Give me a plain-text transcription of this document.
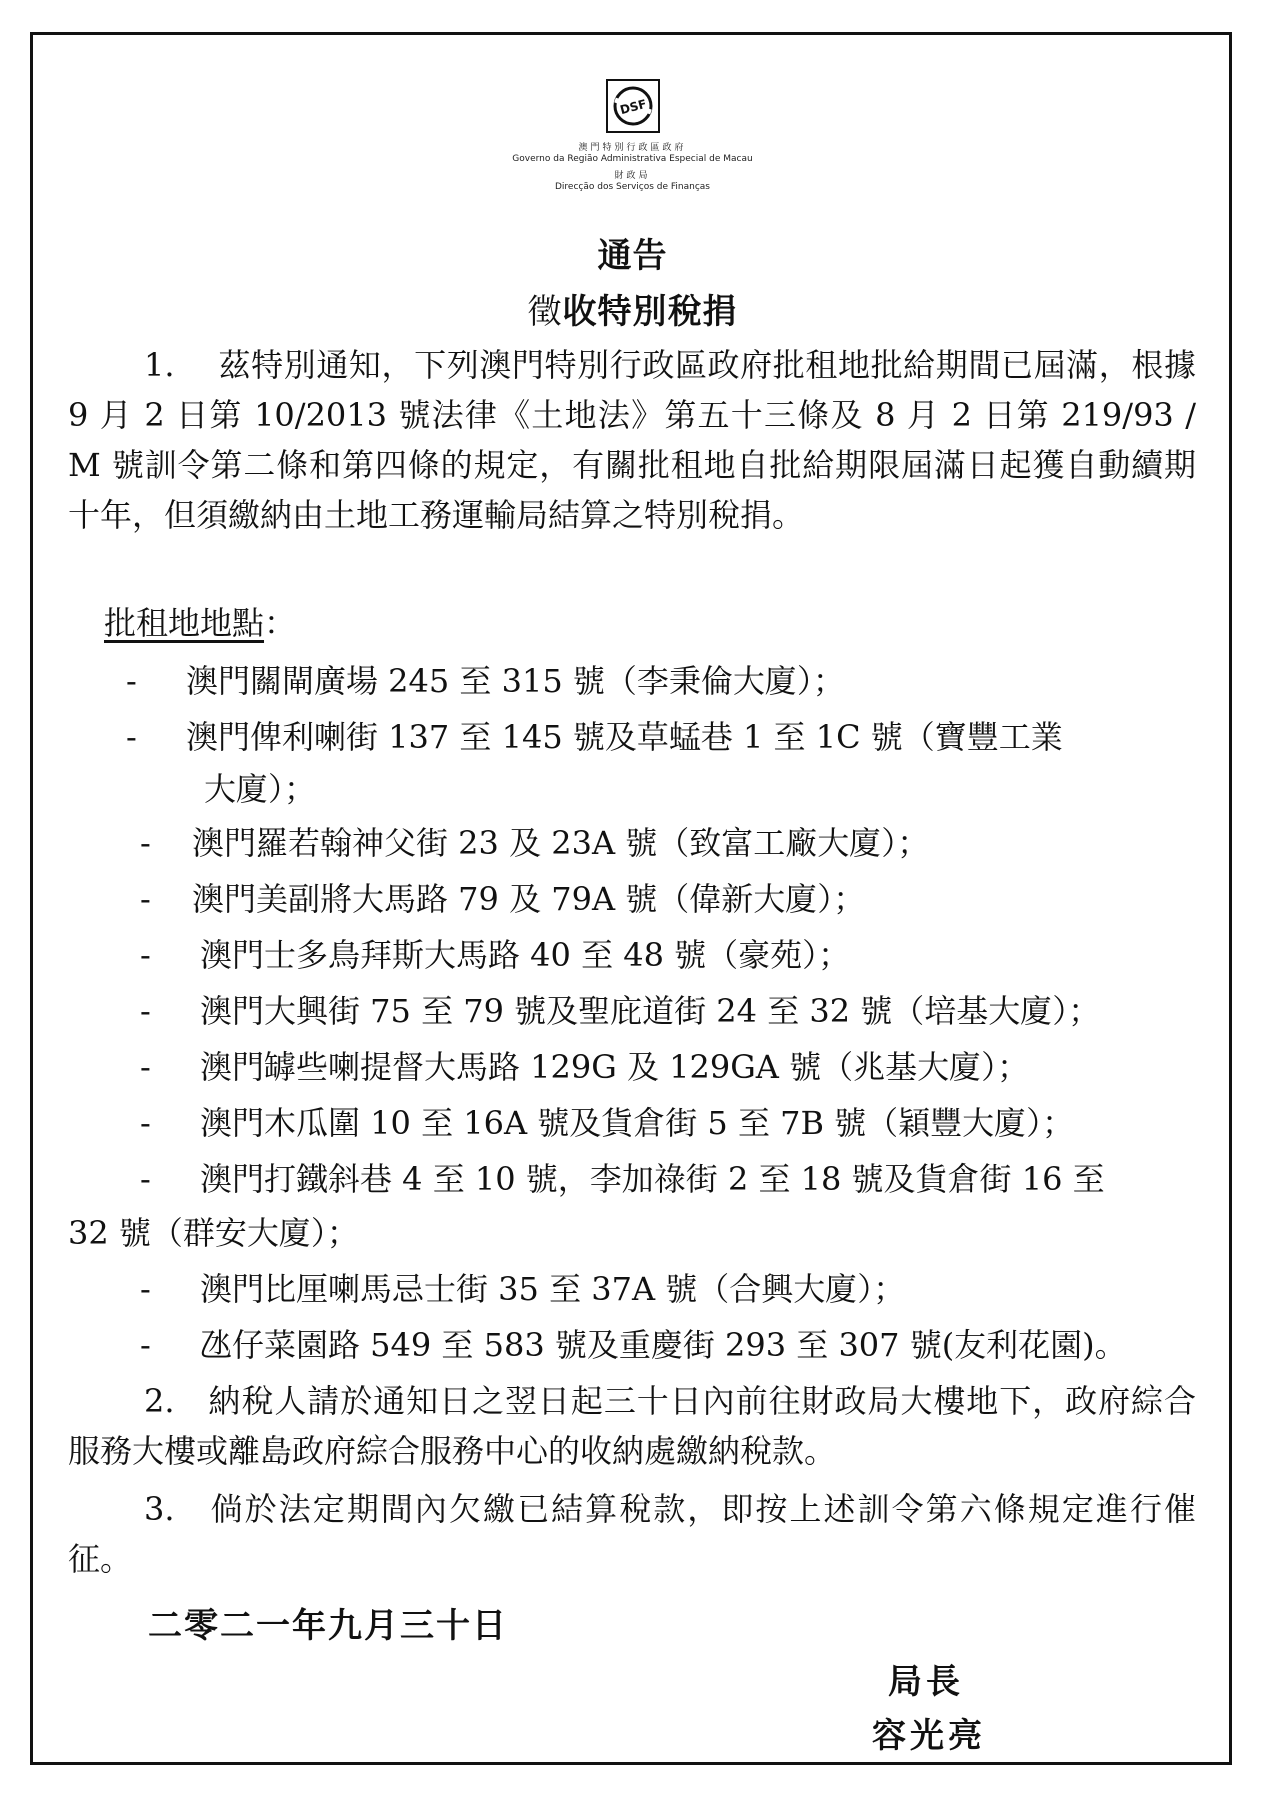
DSF
澳門特別行政區政府
Governo da Região Administrativa Especial de Macau
財政局
Direcção dos Serviços de Finanças
通告
徵收特別稅捐
1.　 茲特別通知，下列澳門特別行政區政府批租地批給期間已屆滿，根據 9 月 2 日第 10/2013 號法律《土地法》第五十三條及 8 月 2 日第 219/93 / M 號訓令第二條和第四條的規定，有關批租地自批給期限屆滿日起獲自動續期十年，但須繳納由土地工務運輸局結算之特別稅捐。
批租地地點：
- 澳門關閘廣場 245 至 315 號（李秉倫大廈）；
- 澳門俾利喇街 137 至 145 號及草蜢巷 1 至 1C 號（寶豐工業
大廈）；
- 澳門羅若翰神父街 23 及 23A 號（致富工廠大廈）；
- 澳門美副將大馬路 79 及 79A 號（偉新大廈）；
- 澳門士多鳥拜斯大馬路 40 至 48 號（豪苑）；
- 澳門大興街 75 至 79 號及聖庇道街 24 至 32 號（培基大廈）；
- 澳門罅些喇提督大馬路 129G 及 129GA 號（兆基大廈）；
- 澳門木瓜圍 10 至 16A 號及貨倉街 5 至 7B 號（穎豐大廈）；
- 澳門打鐵斜巷 4 至 10 號，李加祿街 2 至 18 號及貨倉街 16 至
32 號（群安大廈）；
- 澳門比厘喇馬忌士街 35 至 37A 號（合興大廈）；
- 氹仔菜園路 549 至 583 號及重慶街 293 至 307 號(友利花園)。
2.　納稅人請於通知日之翌日起三十日內前往財政局大樓地下，政府綜合服務大樓或離島政府綜合服務中心的收納處繳納稅款。
3.　倘於法定期間內欠繳已結算稅款，即按上述訓令第六條規定進行催征。
二零二一年九月三十日
局長
容光亮
